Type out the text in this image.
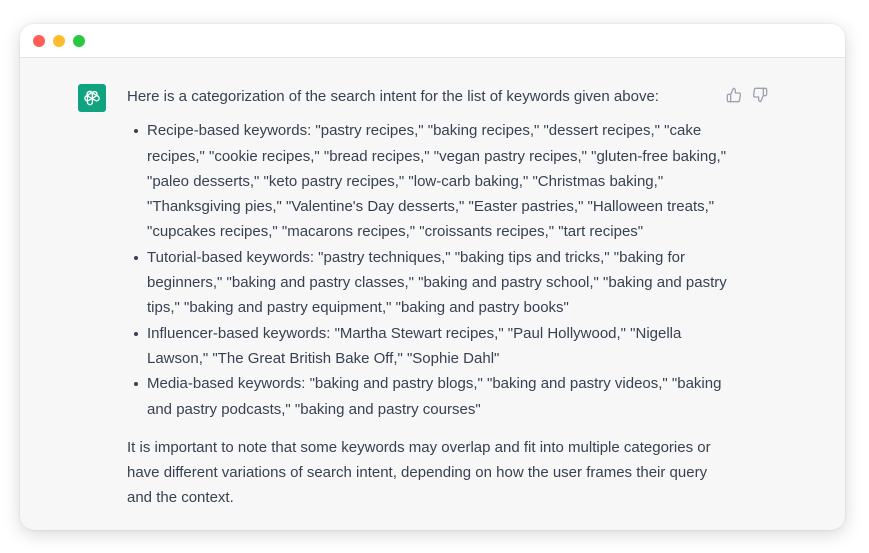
Here is a categorization of the search intent for the list of keywords given above:

Recipe-based keywords: "pastry recipes," "baking recipes," "dessert recipes," "cake recipes," "cookie recipes," "bread recipes," "vegan pastry recipes," "gluten-free baking," "paleo desserts," "keto pastry recipes," "low-carb baking," "Christmas baking," "Thanksgiving pies," "Valentine's Day desserts," "Easter pastries," "Halloween treats," "cupcakes recipes," "macarons recipes," "croissants recipes," "tart recipes"
Tutorial-based keywords: "pastry techniques," "baking tips and tricks," "baking for beginners," "baking and pastry classes," "baking and pastry school," "baking and pastry tips," "baking and pastry equipment," "baking and pastry books"
Influencer-based keywords: "Martha Stewart recipes," "Paul Hollywood," "Nigella Lawson," "The Great British Bake Off," "Sophie Dahl"
Media-based keywords: "baking and pastry blogs," "baking and pastry videos," "baking and pastry podcasts," "baking and pastry courses"

It is important to note that some keywords may overlap and fit into multiple categories or have different variations of search intent, depending on how the user frames their query and the context.
